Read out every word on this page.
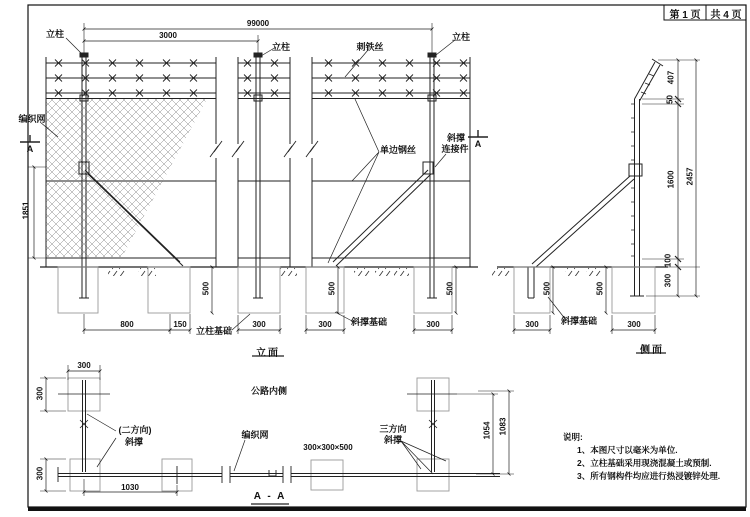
第 1 页 共 4 页
立柱
99000
3000
立柱	刺铁丝
立柱
编织网
单边钢丝
斜撑
连接件
A	A
1851
800	150
立柱基础
300	300	斜撑基础	300
500	500	500
立面
407
50
1600
100
300
2457
500	500
300	300
斜撑基础
侧面
公路内侧
300
300
300
(二方向)
斜撑
编织网
三方向
斜撑
300×300×500
1030
1054 1083
A - A
说明:
1、本图尺寸以毫米为单位.
2、立柱基础采用现浇混凝土或预制.
3、所有钢构件均应进行热浸镀锌处理.
